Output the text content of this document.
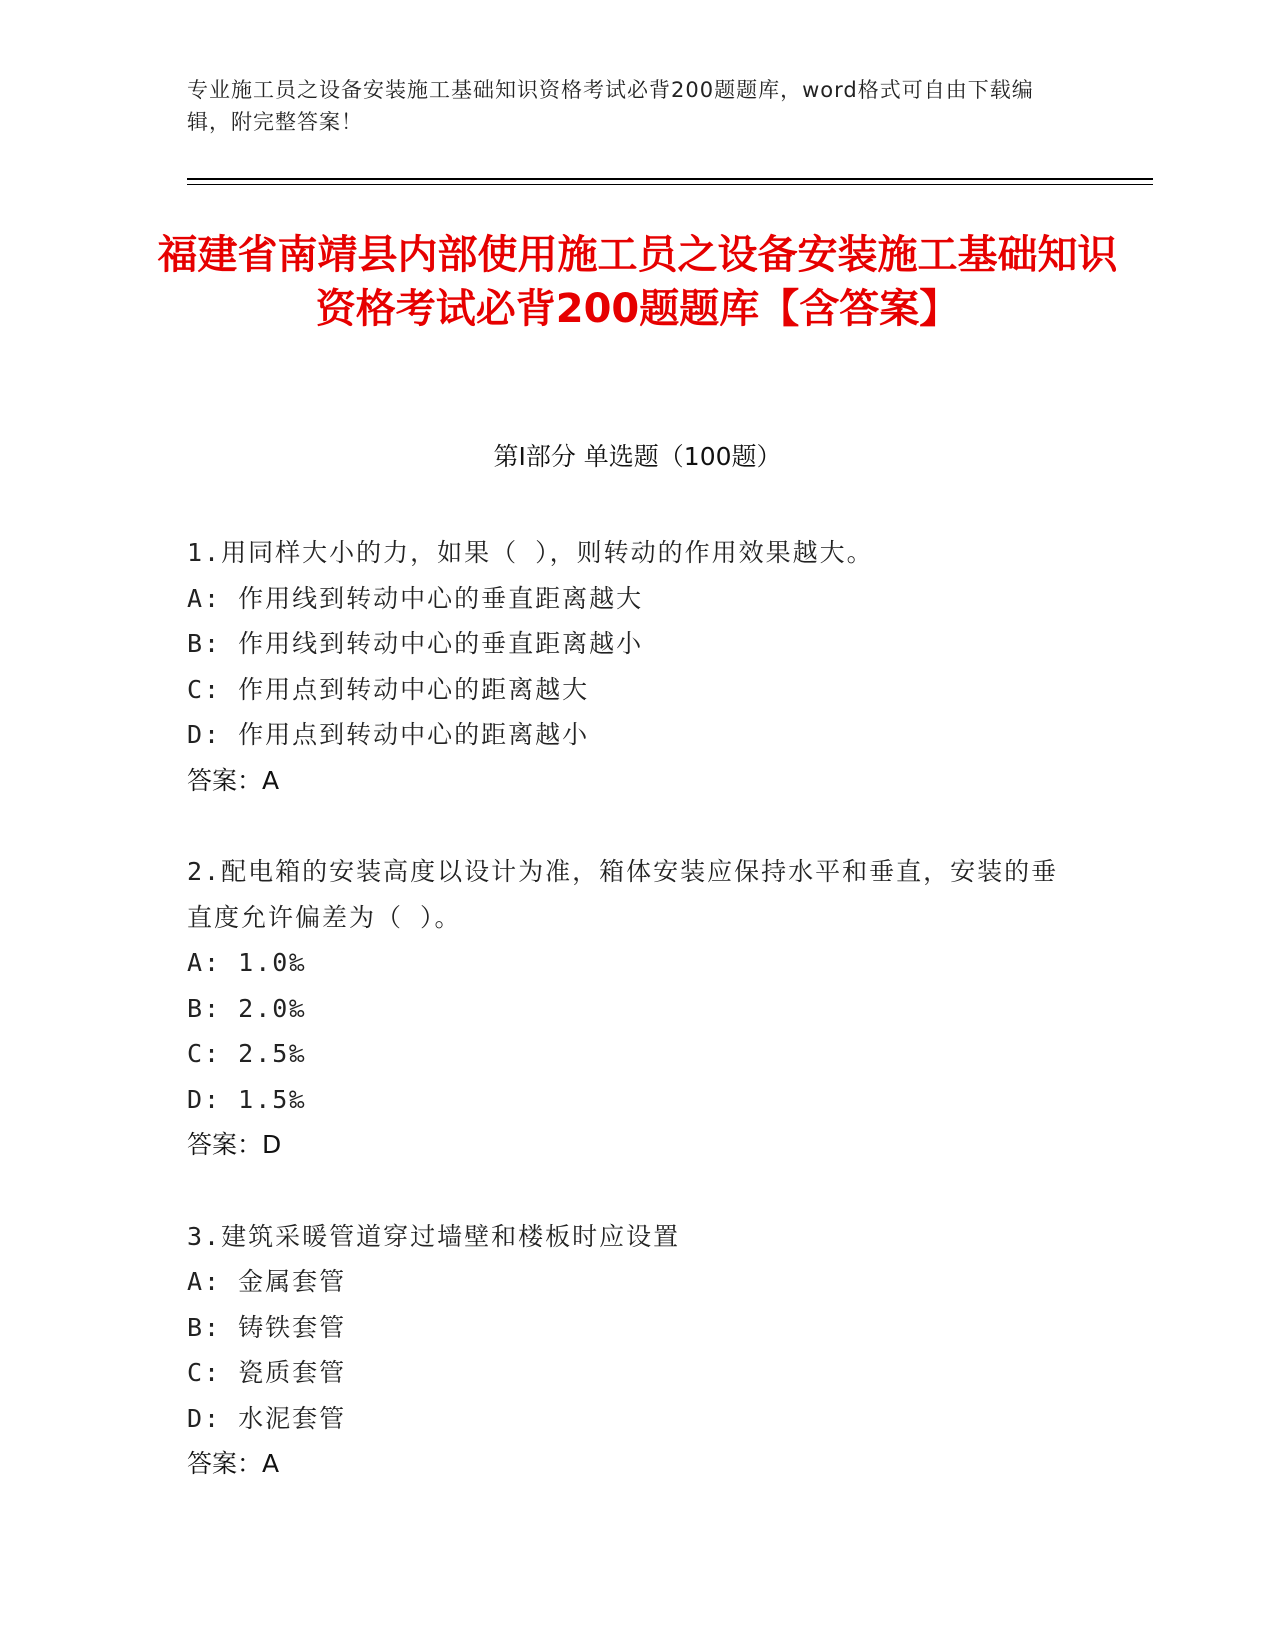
专业施工员之设备安装施工基础知识资格考试必背200题题库，word格式可自由下载编辑，附完整答案！
福建省南靖县内部使用施工员之设备安装施工基础知识资格考试必背200题题库【含答案】
第Ⅰ部分 单选题（100题）
1.用同样大小的力，如果（ ），则转动的作用效果越大。
A: 作用线到转动中心的垂直距离越大
B: 作用线到转动中心的垂直距离越小
C: 作用点到转动中心的距离越大
D: 作用点到转动中心的距离越小
答案：A
2.配电箱的安装高度以设计为准，箱体安装应保持水平和垂直，安装的垂直度允许偏差为（ ）。
A: 1.0‰
B: 2.0‰
C: 2.5‰
D: 1.5‰
答案：D
3.建筑采暖管道穿过墙壁和楼板时应设置
A: 金属套管
B: 铸铁套管
C: 瓷质套管
D: 水泥套管
答案：A
